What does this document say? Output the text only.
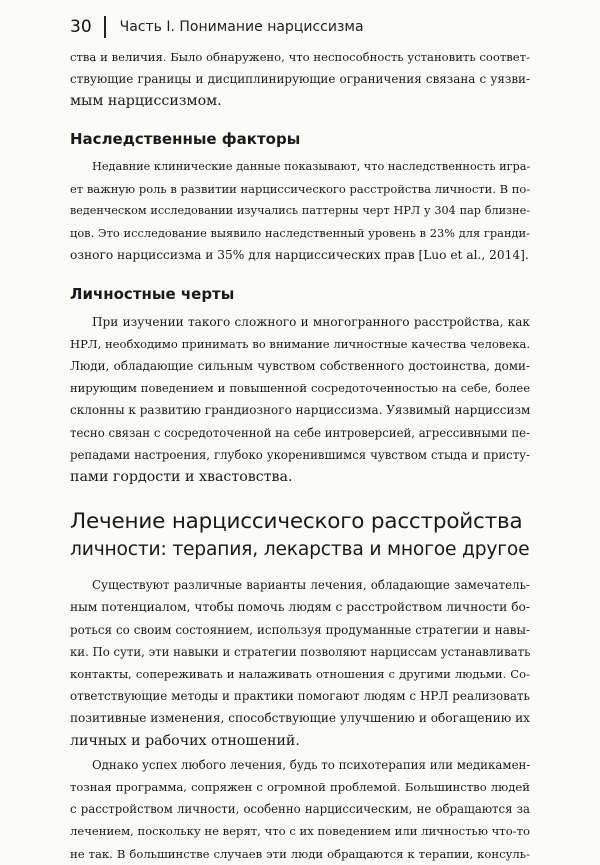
30 Часть I. Понимание нарциссизма

ства и величия. Было обнаружено, что неспособность установить соответ-
ствующие границы и дисциплинирующие ограничения связана с уязви-
мым нарциссизмом.

Наследственные факторы

Недавние клинические данные показывают, что наследственность игра-
ет важную роль в развитии нарциссического расстройства личности. В по-
веденческом исследовании изучались паттерны черт НРЛ у 304 пар близне-
цов. Это исследование выявило наследственный уровень в 23% для гранди-
озного нарциссизма и 35% для нарциссических прав [Luo et al., 2014].

Личностные черты

При изучении такого сложного и многогранного расстройства, как
НРЛ, необходимо принимать во внимание личностные качества человека.
Люди, обладающие сильным чувством собственного достоинства, доми-
нирующим поведением и повышенной сосредоточенностью на себе, более
склонны к развитию грандиозного нарциссизма. Уязвимый нарциссизм
тесно связан с сосредоточенной на себе интроверсией, агрессивными пе-
репадами настроения, глубоко укоренившимся чувством стыда и присту-
пами гордости и хвастовства.

Лечение нарциссического расстройства
личности: терапия, лекарства и многое другое

Существуют различные варианты лечения, обладающие замечатель-
ным потенциалом, чтобы помочь людям с расстройством личности бо-
роться со своим состоянием, используя продуманные стратегии и навы-
ки. По сути, эти навыки и стратегии позволяют нарциссам устанавливать
контакты, сопереживать и налаживать отношения с другими людьми. Со-
ответствующие методы и практики помогают людям с НРЛ реализовать
позитивные изменения, способствующие улучшению и обогащению их
личных и рабочих отношений.

Однако успех любого лечения, будь то психотерапия или медикамен-
тозная программа, сопряжен с огромной проблемой. Большинство людей
с расстройством личности, особенно нарциссическим, не обращаются за
лечением, поскольку не верят, что с их поведением или личностью что-то
не так. В большинстве случаев эти люди обращаются к терапии, консуль-
